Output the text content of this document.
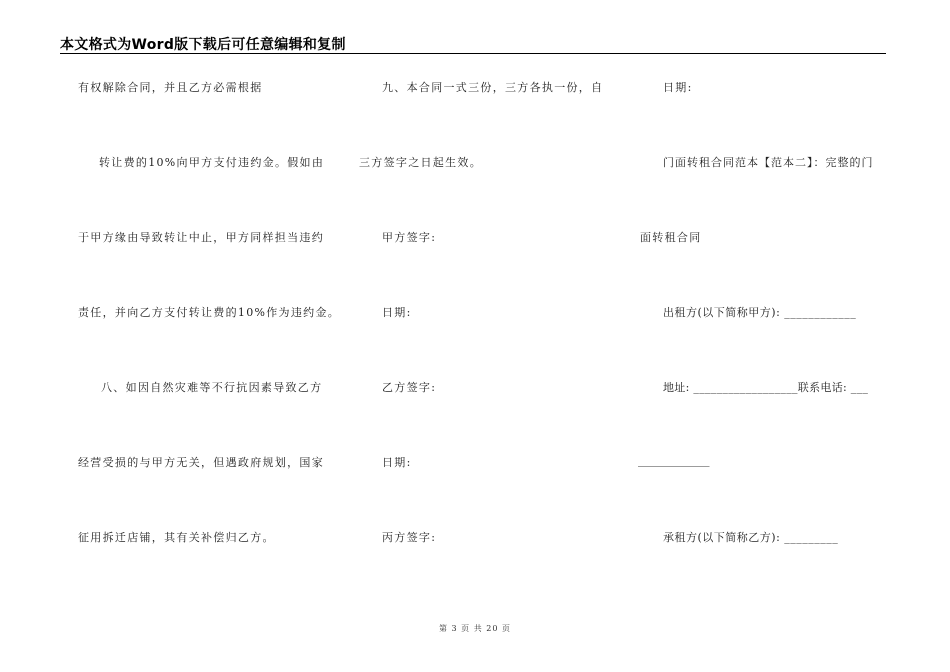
本文格式为Word版下载后可任意编辑和复制
有权解除合同，并且乙方必需根据
转让费的10%向甲方支付违约金。假如由
于甲方缘由导致转让中止，甲方同样担当违约
责任，并向乙方支付转让费的10%作为违约金。
八、如因自然灾难等不行抗因素导致乙方
经营受损的与甲方无关，但遇政府规划，国家
征用拆迁店铺，其有关补偿归乙方。
九、本合同一式三份，三方各执一份，自
三方签字之日起生效。
甲方签字:
日期:
乙方签字:
日期:
丙方签字:
日期:
门面转租合同范本【范本二】：完整的门
面转租合同
出租方(以下简称甲方): ____________
地址: __________________联系电话: ___
_____________
承租方(以下简称乙方): _________
第 3 页 共 20 页
